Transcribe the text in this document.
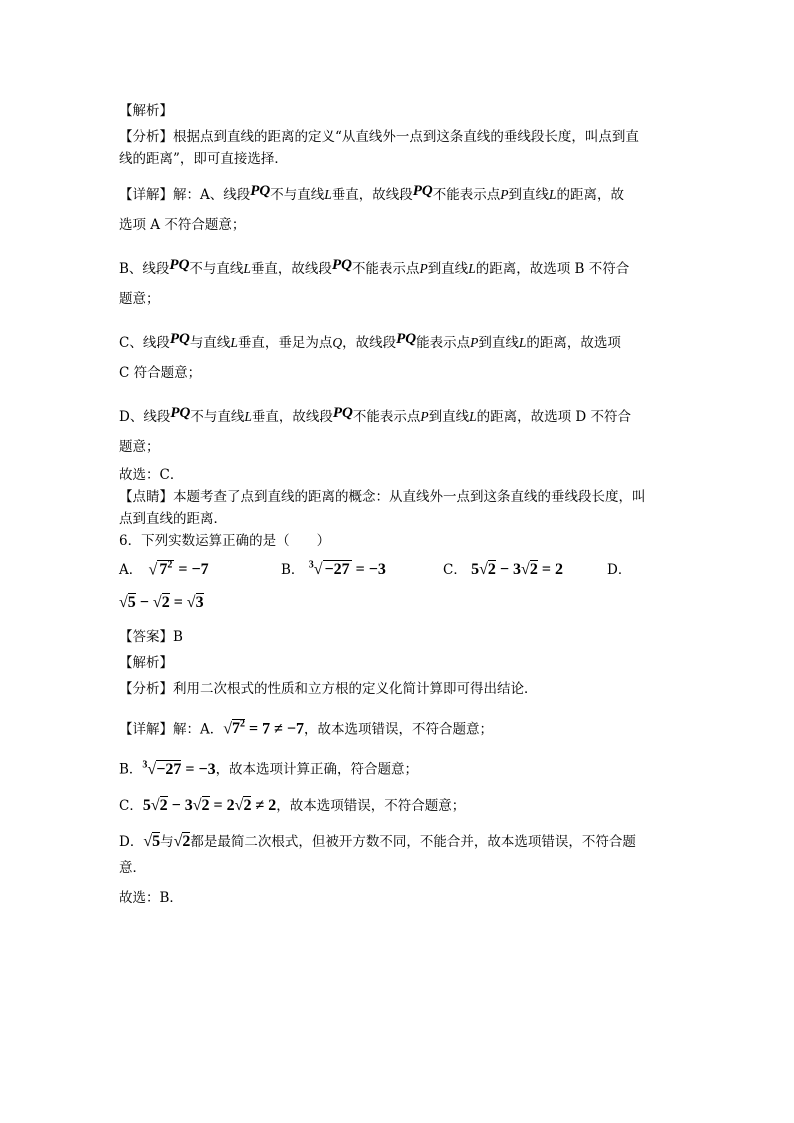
【解析】
【分析】根据点到直线的距离的定义“从直线外一点到这条直线的垂线段长度，叫点到直
线的距离”，即可直接选择．
【详解】解：A、线段PQ不与直线L垂直，故线段PQ不能表示点P到直线L的距离，故
选项 A 不符合题意；
B、线段PQ不与直线L垂直，故线段PQ不能表示点P到直线L的距离，故选项 B 不符合
题意；
C、线段PQ与直线L垂直，垂足为点Q，故线段PQ能表示点P到直线L的距离，故选项
C 符合题意；
D、线段PQ不与直线L垂直，故线段PQ不能表示点P到直线L的距离，故选项 D 不符合
题意；
故选：C．
【点睛】本题考查了点到直线的距离的概念：从直线外一点到这条直线的垂线段长度，叫
点到直线的距离．
6．下列实数运算正确的是（　　）
A． √ $7^2 = -7$	B． $^3$√ −27 = −3	C． 5√2 − 3√2 = 2	D．
√5 − √2 = √3
【答案】B
【解析】
【分析】利用二次根式的性质和立方根的定义化简计算即可得出结论．
【详解】解：A．$√7^2 = 7 \ne -7$，故本选项错误，不符合题意；
B．$^3$√−27 = −3，故本选项计算正确，符合题意；
C．5√2 − 3√2 = 2√2 ≠ 2，故本选项错误，不符合题意；
D．√5与√2都是最简二次根式，但被开方数不同，不能合并，故本选项错误，不符合题
意．
故选：B．
